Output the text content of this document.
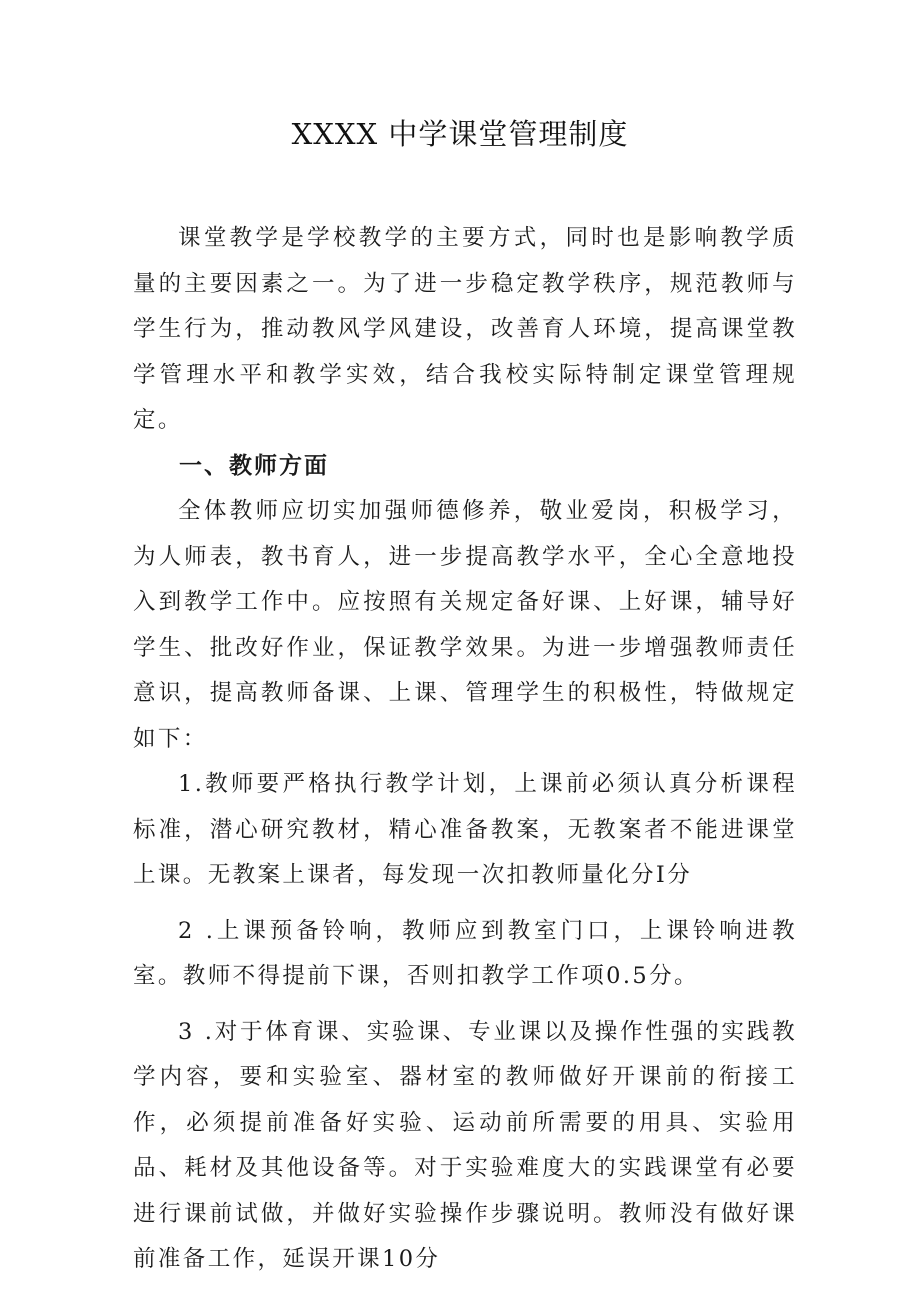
XXXX 中学课堂管理制度

课堂教学是学校教学的主要方式，同时也是影响教学质量的主要因素之一。为了进一步稳定教学秩序，规范教师与学生行为，推动教风学风建设，改善育人环境，提高课堂教学管理水平和教学实效，结合我校实际特制定课堂管理规定。

一、教师方面

全体教师应切实加强师德修养，敬业爱岗，积极学习，为人师表，教书育人，进一步提高教学水平，全心全意地投入到教学工作中。应按照有关规定备好课、上好课，辅导好学生、批改好作业，保证教学效果。为进一步增强教师责任意识，提高教师备课、上课、管理学生的积极性，特做规定如下：

1.教师要严格执行教学计划，上课前必须认真分析课程标准，潜心研究教材，精心准备教案，无教案者不能进课堂上课。无教案上课者，每发现一次扣教师量化分Ⅰ分

2 .上课预备铃响，教师应到教室门口，上课铃响进教室。教师不得提前下课，否则扣教学工作项0.5分。

3 .对于体育课、实验课、专业课以及操作性强的实践教学内容，要和实验室、器材室的教师做好开课前的衔接工作，必须提前准备好实验、运动前所需要的用具、实验用品、耗材及其他设备等。对于实验难度大的实践课堂有必要进行课前试做，并做好实验操作步骤说明。教师没有做好课前准备工作，延误开课10分
